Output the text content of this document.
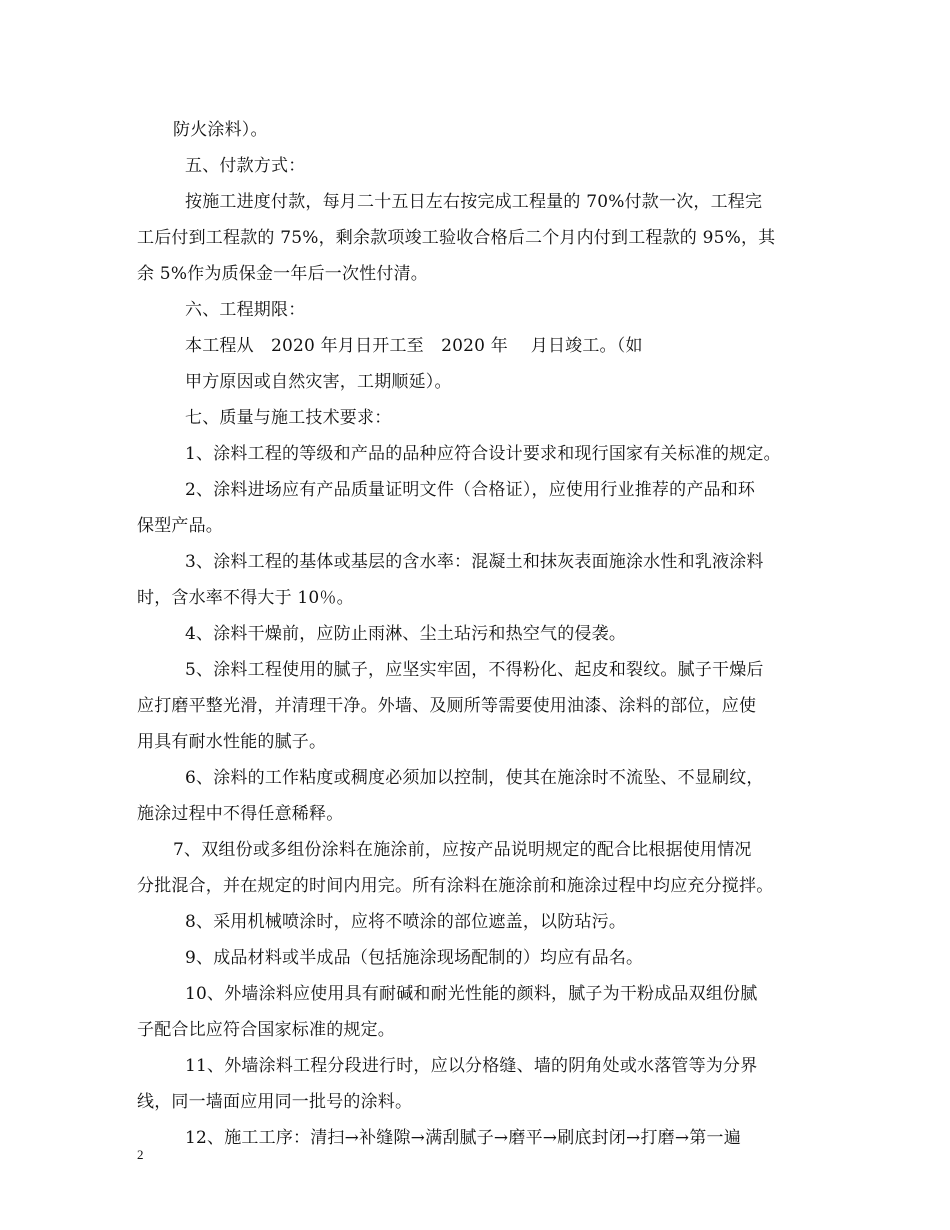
防火涂料）。
五、付款方式：
按施工进度付款，每月二十五日左右按完成工程量的 70%付款一次，工程完
工后付到工程款的 75%，剩余款项竣工验收合格后二个月内付到工程款的 95%，其
余 5%作为质保金一年后一次性付清。
六、工程期限：
本工程从　2020 年月日开工至　2020 年　 月日竣工。（如
甲方原因或自然灾害，工期顺延）。
七、质量与施工技术要求：
1、涂料工程的等级和产品的品种应符合设计要求和现行国家有关标准的规定。
2、涂料进场应有产品质量证明文件（合格证），应使用行业推荐的产品和环
保型产品。
3、涂料工程的基体或基层的含水率：混凝土和抹灰表面施涂水性和乳液涂料
时，含水率不得大于 10％。
4、涂料干燥前，应防止雨淋、尘土玷污和热空气的侵袭。
5、涂料工程使用的腻子，应坚实牢固，不得粉化、起皮和裂纹。腻子干燥后
应打磨平整光滑，并清理干净。外墙、及厕所等需要使用油漆、涂料的部位，应使
用具有耐水性能的腻子。
6、涂料的工作粘度或稠度必须加以控制，使其在施涂时不流坠、不显刷纹，
施涂过程中不得任意稀释。
7、双组份或多组份涂料在施涂前，应按产品说明规定的配合比根据使用情况
分批混合，并在规定的时间内用完。所有涂料在施涂前和施涂过程中均应充分搅拌。
8、采用机械喷涂时，应将不喷涂的部位遮盖，以防玷污。
9、成品材料或半成品（包括施涂现场配制的）均应有品名。
10、外墙涂料应使用具有耐碱和耐光性能的颜料，腻子为干粉成品双组份腻
子配合比应符合国家标准的规定。
11、外墙涂料工程分段进行时，应以分格缝、墙的阴角处或水落管等为分界
线，同一墙面应用同一批号的涂料。
12、施工工序：清扫→补缝隙→满刮腻子→磨平→刷底封闭→打磨→第一遍
2
